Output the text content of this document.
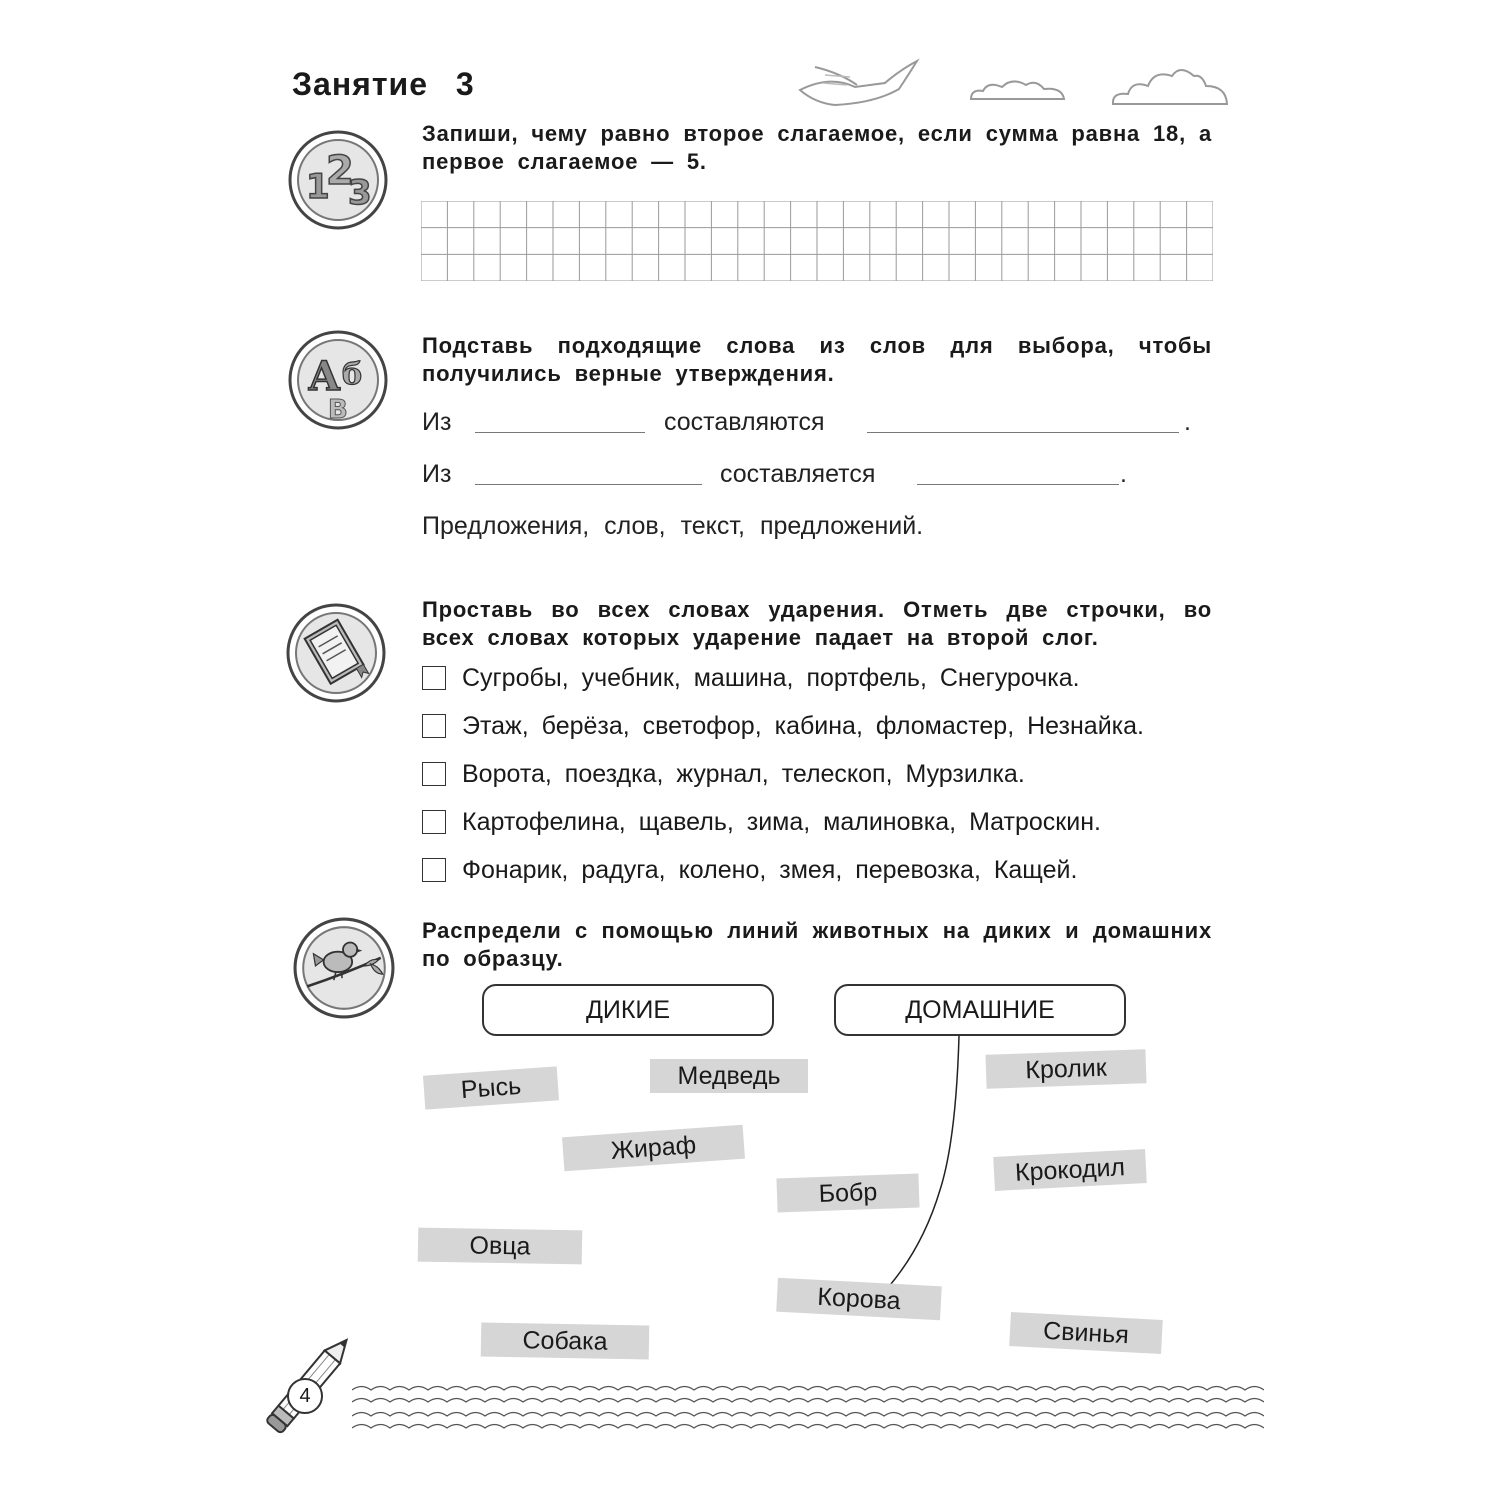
Занятие 3
1
2
3
Запиши, чему равно второе слагаемое, если сумма равна 18, а первое слагаемое — 5.
А б
В
Подставь подходящие слова из слов для выбора, чтобы получились верные утверждения.
Из	составляются	.
Из	составляется	.
Предложения, слов, текст, предложений.
Проставь во всех словах ударения. Отметь две строчки, во всех словах которых ударение падает на второй слог.
Сугробы, учебник, машина, портфель, Снегурочка.
Этаж, берёза, светофор, кабина, фломастер, Незнайка.
Ворота, поездка, журнал, телескоп, Мурзилка.
Картофелина, щавель, зима, малиновка, Матроскин.
Фонарик, радуга, колено, змея, перевозка, Кащей.
Распредели с помощью линий животных на диких и домашних по образцу.
ДИКИЕ	ДОМАШНИЕ
Рысь	Медведь	Кролик
Жираф
Бобр
Крокодил
Овца
Корова
Собака	Свинья
4
